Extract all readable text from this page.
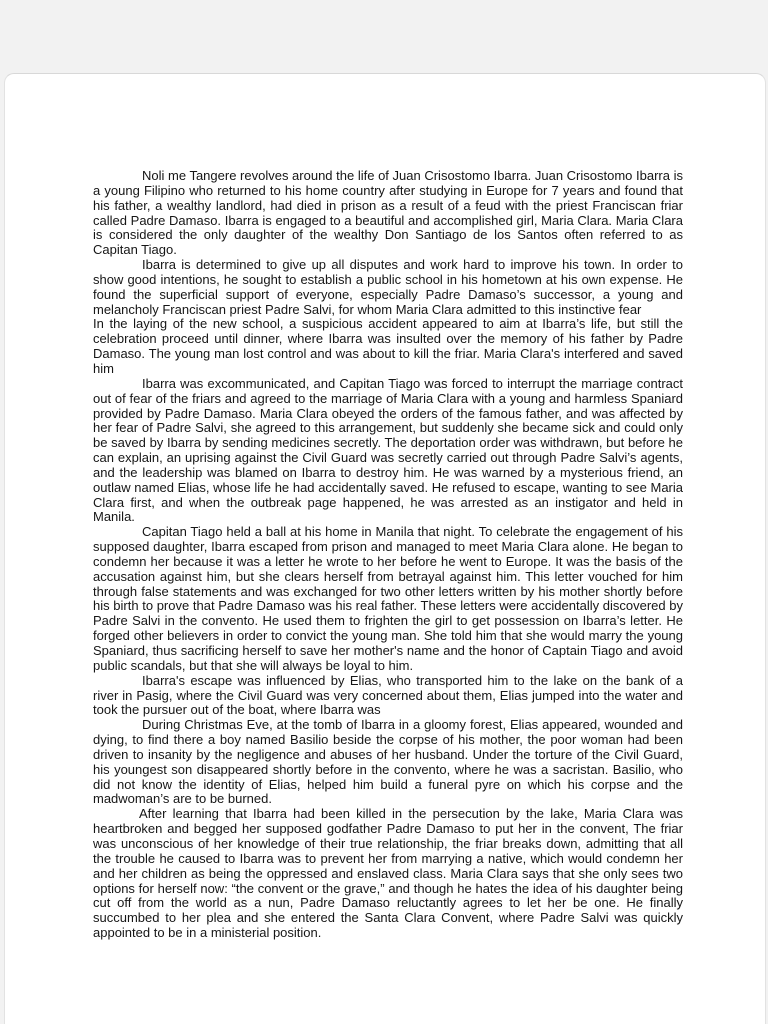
Noli me Tangere revolves around the life of Juan Crisostomo Ibarra. Juan Crisostomo Ibarra is a young Filipino who returned to his home country after studying in Europe for 7 years and found that his father, a wealthy landlord, had died in prison as a result of a feud with the priest Franciscan friar called Padre Damaso. Ibarra is engaged to a beautiful and accomplished girl, Maria Clara. Maria Clara is considered the only daughter of the wealthy Don Santiago de los Santos often referred to as Capitan Tiago.

Ibarra is determined to give up all disputes and work hard to improve his town. In order to show good intentions, he sought to establish a public school in his hometown at his own expense. He found the superficial support of everyone, especially Padre Damaso’s successor, a young and melancholy Franciscan priest Padre Salvi, for whom Maria Clara admitted to this instinctive fear

In the laying of the new school, a suspicious accident appeared to aim at Ibarra’s life, but still the celebration proceed until dinner, where Ibarra was insulted over the memory of his father by Padre Damaso. The young man lost control and was about to kill the friar. Maria Clara's interfered and saved him

Ibarra was excommunicated, and Capitan Tiago was forced to interrupt the marriage contract out of fear of the friars and agreed to the marriage of Maria Clara with a young and harmless Spaniard provided by Padre Damaso. Maria Clara obeyed the orders of the famous father, and was affected by her fear of Padre Salvi, she agreed to this arrangement, but suddenly she became sick and could only be saved by Ibarra by sending medicines secretly. The deportation order was withdrawn, but before he can explain, an uprising against the Civil Guard was secretly carried out through Padre Salvi’s agents, and the leadership was blamed on Ibarra to destroy him. He was warned by a mysterious friend, an outlaw named Elias, whose life he had accidentally saved. He refused to escape, wanting to see Maria Clara first, and when the outbreak page happened, he was arrested as an instigator and held in Manila.

Capitan Tiago held a ball at his home in Manila that night. To celebrate the engagement of his supposed daughter, Ibarra escaped from prison and managed to meet Maria Clara alone. He began to condemn her because it was a letter he wrote to her before he went to Europe. It was the basis of the accusation against him, but she clears herself from betrayal against him. This letter vouched for him through false statements and was exchanged for two other letters written by his mother shortly before his birth to prove that Padre Damaso was his real father. These letters were accidentally discovered by Padre Salvi in the convento. He used them to frighten the girl to get possession on Ibarra’s letter. He forged other believers in order to convict the young man. She told him that she would marry the young Spaniard, thus sacrificing herself to save her mother's name and the honor of Captain Tiago and avoid public scandals, but that she will always be loyal to him.

Ibarra's escape was influenced by Elias, who transported him to the lake on the bank of a river in Pasig, where the Civil Guard was very concerned about them, Elias jumped into the water and took the pursuer out of the boat, where Ibarra was

During Christmas Eve, at the tomb of Ibarra in a gloomy forest, Elias appeared, wounded and dying, to find there a boy named Basilio beside the corpse of his mother, the poor woman had been driven to insanity by the negligence and abuses of her husband. Under the torture of the Civil Guard, his youngest son disappeared shortly before in the convento, where he was a sacristan. Basilio, who did not know the identity of Elias, helped him build a funeral pyre on which his corpse and the madwoman’s are to be burned.

After learning that Ibarra had been killed in the persecution by the lake, Maria Clara was heartbroken and begged her supposed godfather Padre Damaso to put her in the convent, The friar was unconscious of her knowledge of their true relationship, the friar breaks down, admitting that all the trouble he caused to Ibarra was to prevent her from marrying a native, which would condemn her and her children as being the oppressed and enslaved class. Maria Clara says that she only sees two options for herself now: “the convent or the grave,” and though he hates the idea of his daughter being cut off from the world as a nun, Padre Damaso reluctantly agrees to let her be one. He finally succumbed to her plea and she entered the Santa Clara Convent, where Padre Salvi was quickly appointed to be in a ministerial position.
